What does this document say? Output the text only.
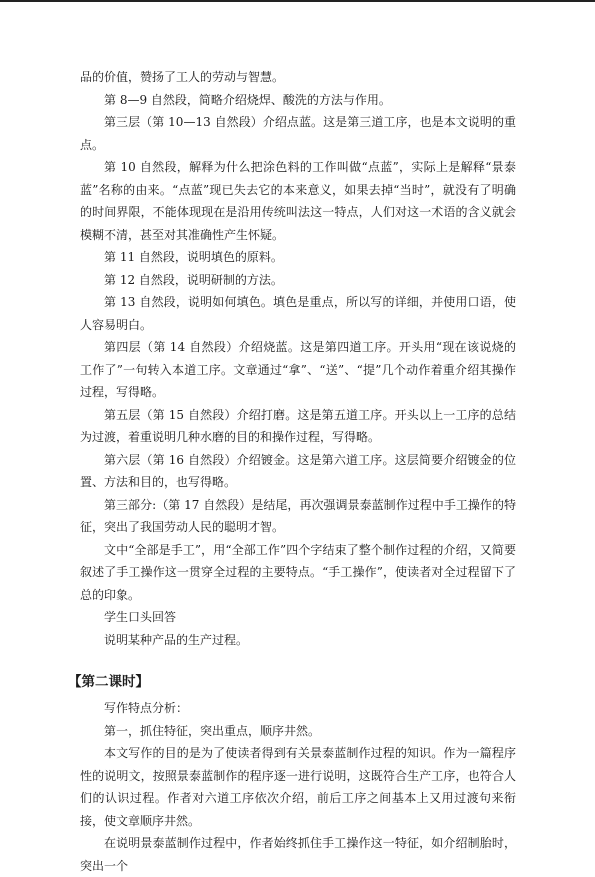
品的价值，赞扬了工人的劳动与智慧。

第 8—9 自然段，简略介绍烧焊、酸洗的方法与作用。

第三层（第 10—13 自然段）介绍点蓝。这是第三道工序，也是本文说明的重点。

第 10 自然段，解释为什么把涂色料的工作叫做“点蓝”，实际上是解释“景泰蓝”名称的由来。“点蓝”现已失去它的本来意义，如果去掉“当时”，就没有了明确的时间界限，不能体现现在是沿用传统叫法这一特点，人们对这一术语的含义就会模糊不清，甚至对其准确性产生怀疑。

第 11 自然段，说明填色的原料。

第 12 自然段，说明研制的方法。

第 13 自然段，说明如何填色。填色是重点，所以写的详细，并使用口语，使人容易明白。

第四层（第 14 自然段）介绍烧蓝。这是第四道工序。开头用“现在该说烧的工作了”一句转入本道工序。文章通过“拿”、“送”、“提”几个动作着重介绍其操作过程，写得略。

第五层（第 15 自然段）介绍打磨。这是第五道工序。开头以上一工序的总结为过渡，着重说明几种水磨的目的和操作过程，写得略。

第六层（第 16 自然段）介绍镀金。这是第六道工序。这层简要介绍镀金的位置、方法和目的，也写得略。

第三部分:（第 17 自然段）是结尾，再次强调景泰蓝制作过程中手工操作的特征，突出了我国劳动人民的聪明才智。

文中“全部是手工”，用“全部工作”四个字结束了整个制作过程的介绍，又简要叙述了手工操作这一贯穿全过程的主要特点。“手工操作”，使读者对全过程留下了总的印象。

学生口头回答

说明某种产品的生产过程。

【第二课时】

写作特点分析：

第一，抓住特征，突出重点，顺序井然。

本文写作的目的是为了使读者得到有关景泰蓝制作过程的知识。作为一篇程序性的说明文，按照景泰蓝制作的程序逐一进行说明，这既符合生产工序，也符合人们的认识过程。作者对六道工序依次介绍，前后工序之间基本上又用过渡句来衔接，使文章顺序井然。

在说明景泰蓝制作过程中，作者始终抓住手工操作这一特征，如介绍制胎时，突出一个
